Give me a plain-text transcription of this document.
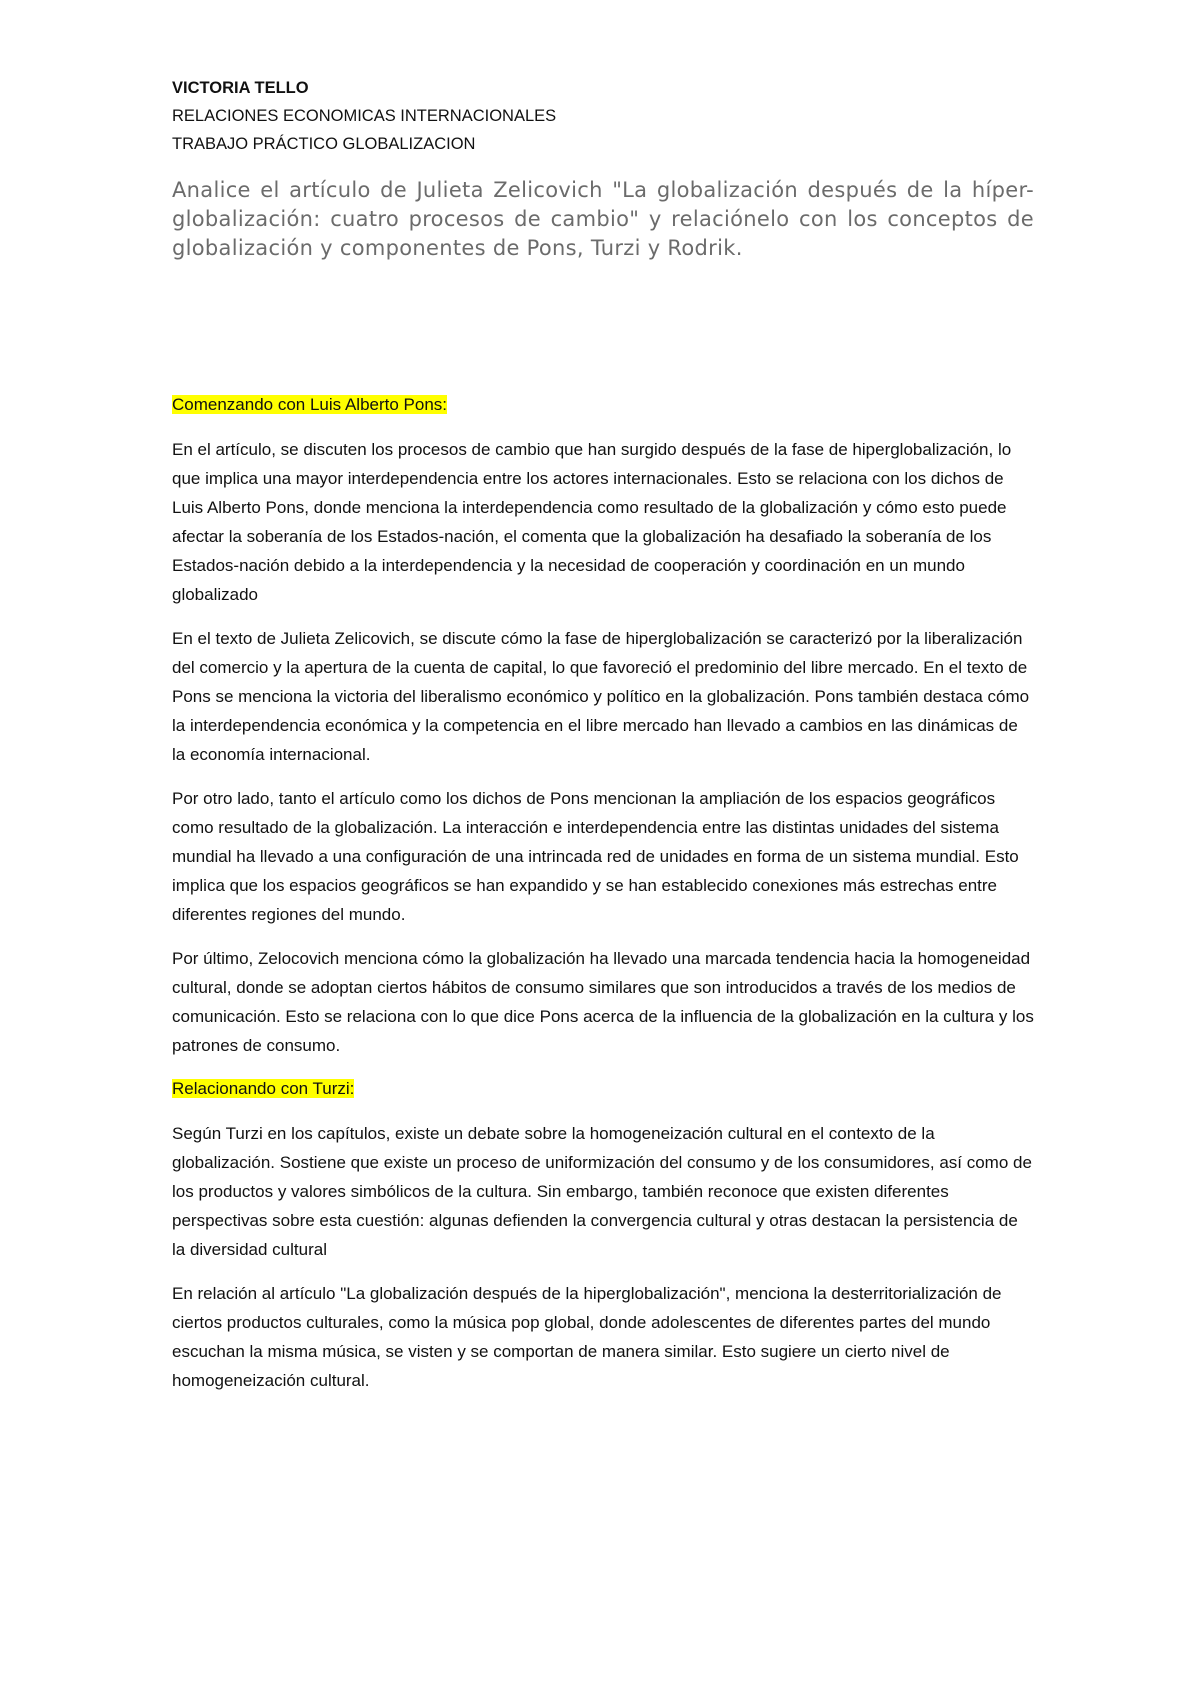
VICTORIA TELLO

RELACIONES ECONOMICAS INTERNACIONALES

TRABAJO PRÁCTICO GLOBALIZACION

Analice el artículo de Julieta Zelicovich "La globalización después de la híper-globalización: cuatro procesos de cambio" y relaciónelo con los conceptos de globalización y componentes de Pons, Turzi y Rodrik.

Comenzando con Luis Alberto Pons:

En el artículo, se discuten los procesos de cambio que han surgido después de la fase de hiperglobalización, lo que implica una mayor interdependencia entre los actores internacionales. Esto se relaciona con los dichos de Luis Alberto Pons, donde menciona la interdependencia como resultado de la globalización y cómo esto puede afectar la soberanía de los Estados-nación, el comenta que la globalización ha desafiado la soberanía de los Estados-nación debido a la interdependencia y la necesidad de cooperación y coordinación en un mundo globalizado

En el texto de Julieta Zelicovich, se discute cómo la fase de hiperglobalización se caracterizó por la liberalización del comercio y la apertura de la cuenta de capital, lo que favoreció el predominio del libre mercado. En el texto de Pons se menciona la victoria del liberalismo económico y político en la globalización. Pons también destaca cómo la interdependencia económica y la competencia en el libre mercado han llevado a cambios en las dinámicas de la economía internacional.

Por otro lado, tanto el artículo como los dichos de Pons mencionan la ampliación de los espacios geográficos como resultado de la globalización. La interacción e interdependencia entre las distintas unidades del sistema mundial ha llevado a una configuración de una intrincada red de unidades en forma de un sistema mundial. Esto implica que los espacios geográficos se han expandido y se han establecido conexiones más estrechas entre diferentes regiones del mundo.

Por último, Zelocovich menciona cómo la globalización ha llevado una marcada tendencia hacia la homogeneidad cultural, donde se adoptan ciertos hábitos de consumo similares que son introducidos a través de los medios de comunicación. Esto se relaciona con lo que dice Pons acerca de la influencia de la globalización en la cultura y los patrones de consumo.

Relacionando con Turzi:

Según Turzi en los capítulos, existe un debate sobre la homogeneización cultural en el contexto de la globalización. Sostiene que existe un proceso de uniformización del consumo y de los consumidores, así como de los productos y valores simbólicos de la cultura. Sin embargo, también reconoce que existen diferentes perspectivas sobre esta cuestión: algunas defienden la convergencia cultural y otras destacan la persistencia de la diversidad cultural

En relación al artículo "La globalización después de la hiperglobalización", menciona la desterritorialización de ciertos productos culturales, como la música pop global, donde adolescentes de diferentes partes del mundo escuchan la misma música, se visten y se comportan de manera similar. Esto sugiere un cierto nivel de homogeneización cultural.
